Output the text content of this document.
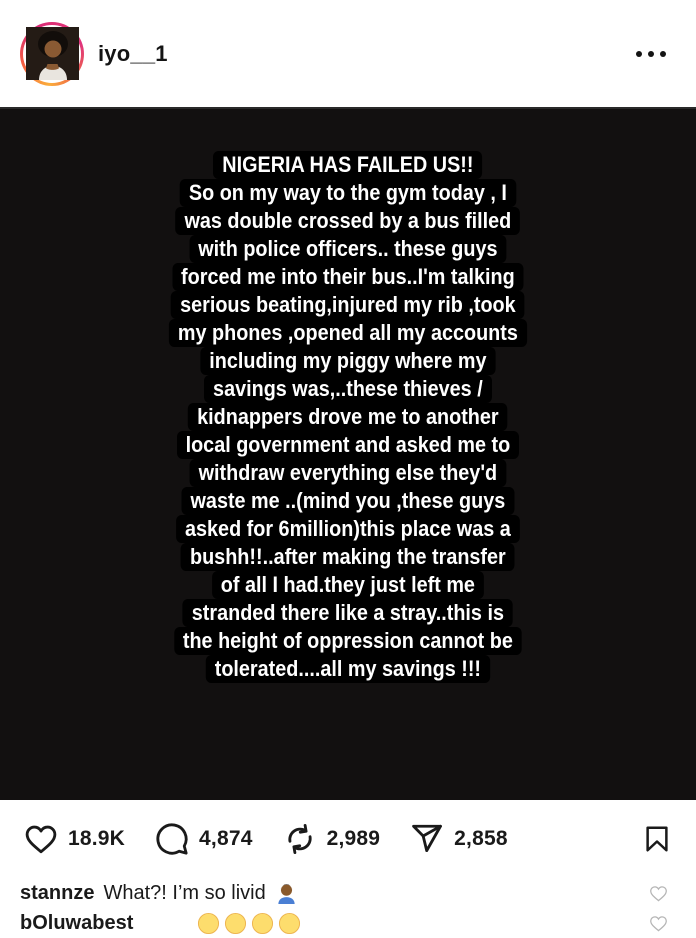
iyo__1
NIGERIA HAS FAILED US!!
So on my way to the gym today , I
was double crossed by a bus filled
with police officers.. these guys
forced me into their bus..I'm talking
serious beating,injured my rib ,took
my phones ,opened all my accounts
including my piggy where my
savings was,..these thieves /
kidnappers drove me to another
local government and asked me to
withdraw everything else they'd
waste me ..(mind you ,these guys
asked for 6million)this place was a
bushh!!..after making the transfer
of all I had.they just left me
stranded there like a stray..this is
the height of oppression cannot be
tolerated....all my savings !!!
18.9K	4,874	2,989	2,858
stannze What?! I’m so livid
bOluwabest
